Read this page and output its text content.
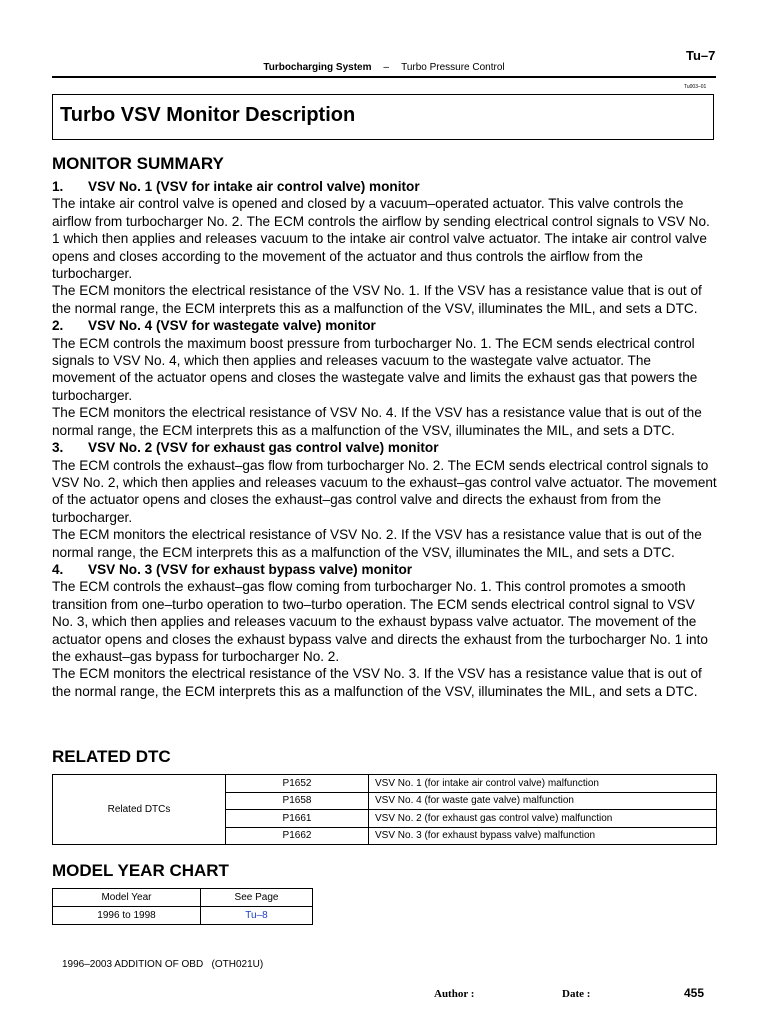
Tu–7
Turbocharging System – Turbo Pressure Control
Tu003–01
Turbo VSV Monitor Description
MONITOR SUMMARY
1. VSV No. 1 (VSV for intake air control valve) monitor

The intake air control valve is opened and closed by a vacuum–operated actuator. This valve controls the airflow from turbocharger No. 2. The ECM controls the airflow by sending electrical control signals to VSV No. 1 which then applies and releases vacuum to the intake air control valve actuator. The intake air control valve opens and closes according to the movement of the actuator and thus controls the airflow from the turbocharger.

The ECM monitors the electrical resistance of the VSV No. 1. If the VSV has a resistance value that is out of the normal range, the ECM interprets this as a malfunction of the VSV, illuminates the MIL, and sets a DTC.

2. VSV No. 4 (VSV for wastegate valve) monitor

The ECM controls the maximum boost pressure from turbocharger No. 1. The ECM sends electrical control signals to VSV No. 4, which then applies and releases vacuum to the wastegate valve actuator. The movement of the actuator opens and closes the wastegate valve and limits the exhaust gas that powers the turbocharger.

The ECM monitors the electrical resistance of VSV No. 4. If the VSV has a resistance value that is out of the normal range, the ECM interprets this as a malfunction of the VSV, illuminates the MIL, and sets a DTC.

3. VSV No. 2 (VSV for exhaust gas control valve) monitor

The ECM controls the exhaust–gas flow from turbocharger No. 2. The ECM sends electrical control signals to VSV No. 2, which then applies and releases vacuum to the exhaust–gas control valve actuator. The movement of the actuator opens and closes the exhaust–gas control valve and directs the exhaust from from the turbocharger.

The ECM monitors the electrical resistance of VSV No. 2. If the VSV has a resistance value that is out of the normal range, the ECM interprets this as a malfunction of the VSV, illuminates the MIL, and sets a DTC.

4. VSV No. 3 (VSV for exhaust bypass valve) monitor

The ECM controls the exhaust–gas flow coming from turbocharger No. 1. This control promotes a smooth transition from one–turbo operation to two–turbo operation. The ECM sends electrical control signal to VSV No. 3, which then applies and releases vacuum to the exhaust bypass valve actuator. The movement of the actuator opens and closes the exhaust bypass valve and directs the exhaust from the turbocharger No. 1 into the exhaust–gas bypass for turbocharger No. 2.

The ECM monitors the electrical resistance of the VSV No. 3. If the VSV has a resistance value that is out of the normal range, the ECM interprets this as a malfunction of the VSV, illuminates the MIL, and sets a DTC.

RELATED DTC
Related DTCs	P1652	VSV No. 1 (for intake air control valve) malfunction
	P1658	VSV No. 4 (for waste gate valve) malfunction
	P1661	VSV No. 2 (for exhaust gas control valve) malfunction
	P1662	VSV No. 3 (for exhaust bypass valve) malfunction
MODEL YEAR CHART
Model Year	See Page
1996 to 1998	Tu–8
1996–2003 ADDITION OF OBD   (OTH021U)
Author :	Date :	455
